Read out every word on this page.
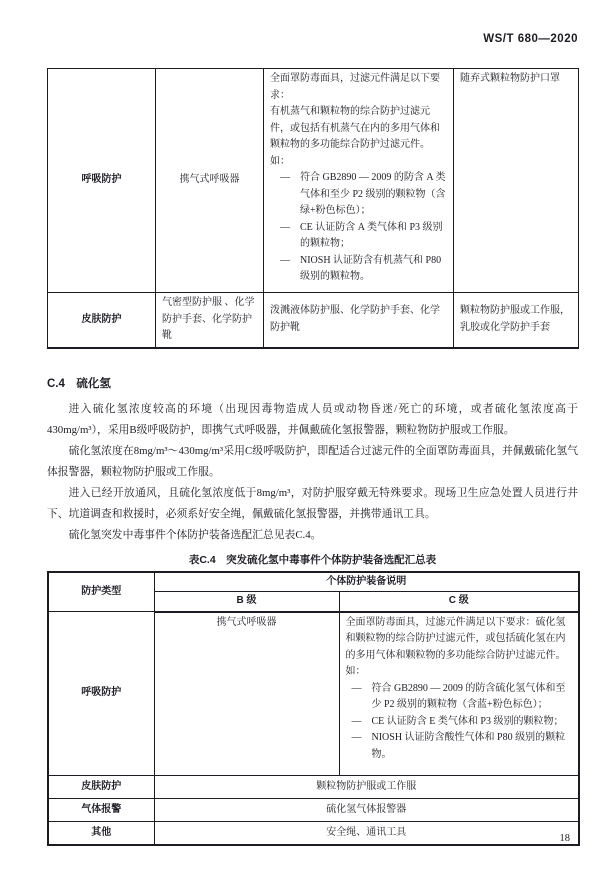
WS/T 680—2020
呼吸防护	携气式呼吸器	
全面罩防毒面具，过滤元件满足以下要求：
有机蒸气和颗粒物的综合防护过滤元件，或包括有机蒸气在内的多用气体和颗粒物的多功能综合防护过滤元件。
如：
—	符合 GB2890 — 2009 的防含 A 类气体和至少 P2 级别的颗粒物（含绿+粉色标色）；
—	CE 认证防含 A 类气体和 P3 级别的颗粒物；
—	NIOSH 认证防含有机蒸气和 P80 级别的颗粒物。
	随弃式颗粒物防护口罩
皮肤防护	气密型防护服 、化学防护手套、化学防护靴	泼溅液体防护服、化学防护手套、化学防护靴	颗粒物防护服或工作服，乳胶或化学防护手套
C.4　硫化氢

进入硫化氢浓度较高的环境（出现因毒物造成人员或动物昏迷/死亡的环境，或者硫化氢浓度高于430mg/m³），采用B级呼吸防护，即携气式呼吸器，并佩戴硫化氢报警器，颗粒物防护服或工作服。

硫化氢浓度在8mg/m³～430mg/m³采用C级呼吸防护，即配适合过滤元件的全面罩防毒面具，并佩戴硫化氢气体报警器，颗粒物防护服或工作服。

进入已经开放通风，且硫化氢浓度低于8mg/m³，对防护服穿戴无特殊要求。现场卫生应急处置人员进行井下、坑道调查和救援时，必须系好安全绳，佩戴硫化氢报警器，并携带通讯工具。

硫化氢突发中毒事件个体防护装备选配汇总见表C.4。

表C.4　突发硫化氢中毒事件个体防护装备选配汇总表
防护类型	个体防护装备说明	
	B 级	C 级
呼吸防护	携气式呼吸器	全面罩防毒面具，过滤元件满足以下要求：硫化氢和颗粒物的综合防护过滤元件，或包括硫化氢在内的多用气体和颗粒物的多功能综合防护过滤元件。如：
—	符合 GB2890 — 2009 的防含硫化氢气体和至少 P2 级别的颗粒物（含蓝+粉色标色）；
—	CE 认证防含 E 类气体和 P3 级别的颗粒物；
—	NIOSH 认证防含酸性气体和 P80 级别的颗粒物。

皮肤防护	颗粒物防护服或工作服	
气体报警	硫化氢气体报警器	
其他	安全绳、通讯工具	
18
